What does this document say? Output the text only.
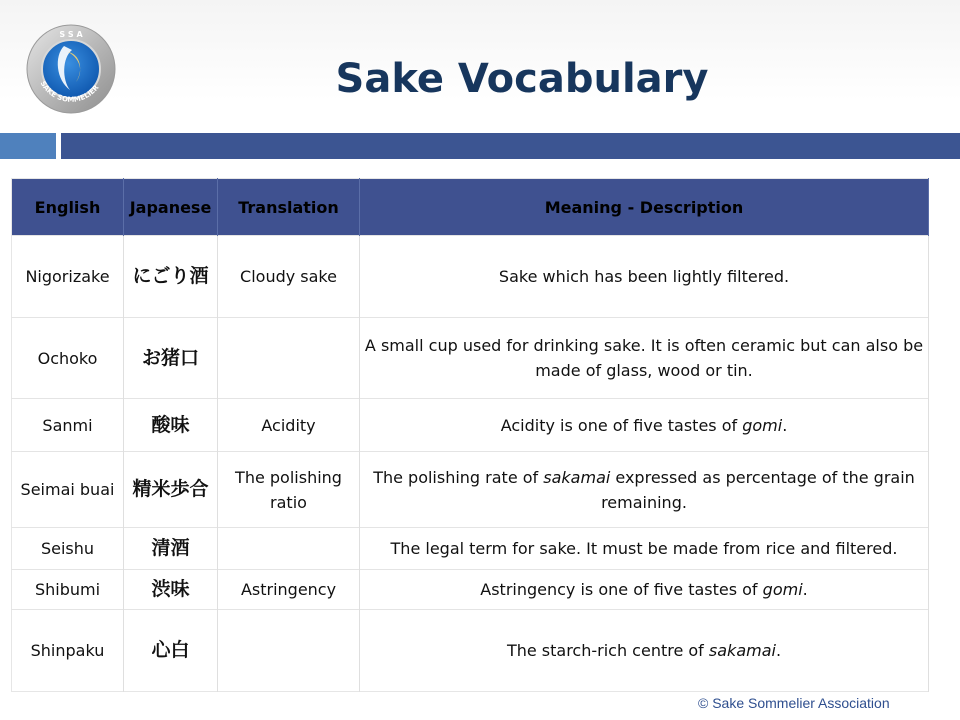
S S A
SAKE SOMMELIER	Sake Vocabulary
English	Japanese	Translation	Meaning - Description
Nigorizake	にごり酒	Cloudy sake	Sake which has been lightly filtered.
Ochoko	お猪口		A small cup used for drinking sake. It is often ceramic but can also be made of glass, wood or tin.
Sanmi	酸味	Acidity	Acidity is one of five tastes of gomi.
Seimai buai	精米歩合	The polishing ratio	The polishing rate of sakamai expressed as percentage of the grain remaining.
Seishu	清酒		The legal term for sake. It must be made from rice and filtered.
Shibumi	渋味	Astringency	Astringency is one of five tastes of gomi.
Shinpaku	心白		The starch-rich centre of sakamai.
© Sake Sommelier Association
